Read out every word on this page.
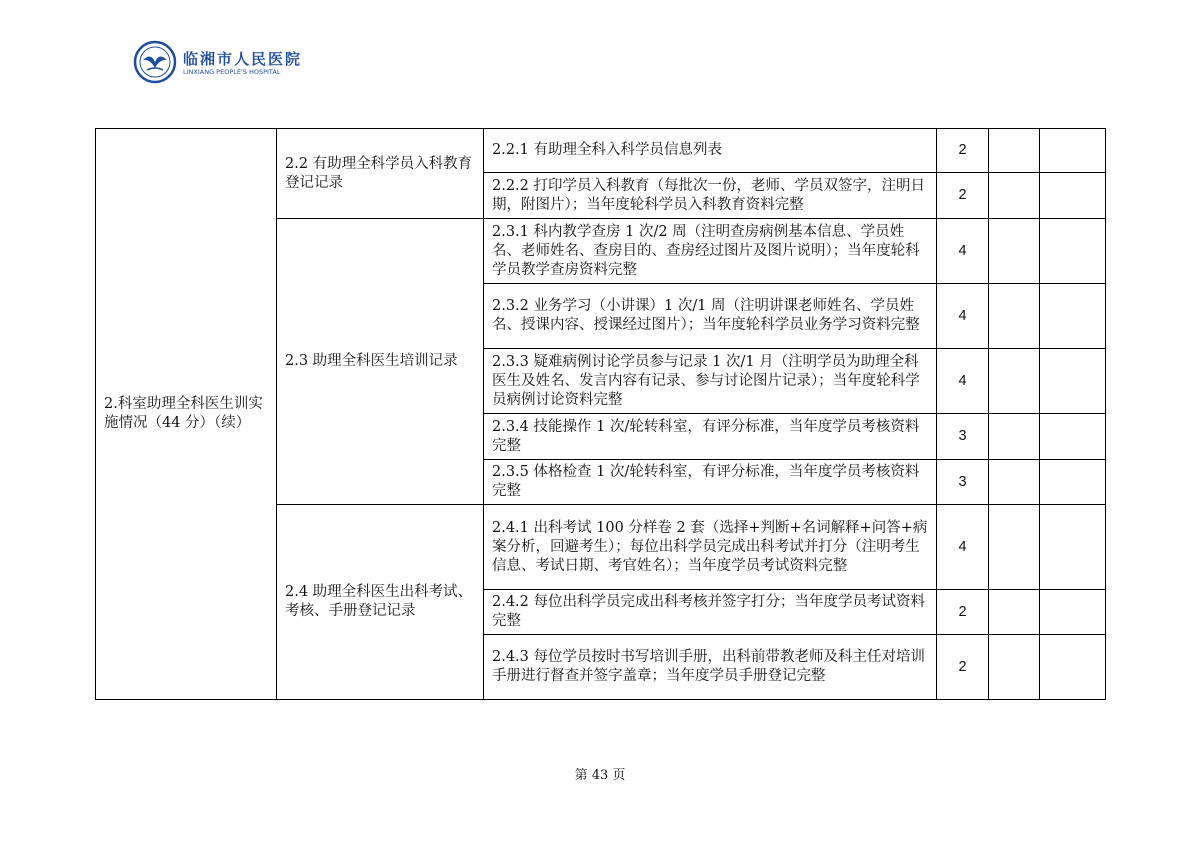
临湘市人民医院
LINXIANG PEOPLE'S HOSPITAL
2.科室助理全科医生训实施情况（44 分）（续）	2.2 有助理全科学员入科教育登记记录	2.2.1 有助理全科入科学员信息列表	2		
		2.2.2 打印学员入科教育（每批次一份，老师、学员双签字，注明日期，附图片）；当年度轮科学员入科教育资料完整	2		
	2.3 助理全科医生培训记录	2.3.1 科内教学查房 1 次/2 周（注明查房病例基本信息、学员姓名、老师姓名、查房目的、查房经过图片及图片说明）；当年度轮科学员教学查房资料完整	4		
		2.3.2 业务学习（小讲课）1 次/1 周（注明讲课老师姓名、学员姓名、授课内容、授课经过图片）；当年度轮科学员业务学习资料完整	4		
		2.3.3 疑难病例讨论学员参与记录 1 次/1 月（注明学员为助理全科医生及姓名、发言内容有记录、参与讨论图片记录）；当年度轮科学员病例讨论资料完整	4		
		2.3.4 技能操作 1 次/轮转科室，有评分标准，当年度学员考核资料完整	3		
		2.3.5 体格检查 1 次/轮转科室，有评分标准，当年度学员考核资料完整	3		
	2.4 助理全科医生出科考试、考核、手册登记记录	2.4.1 出科考试 100 分样卷 2 套（选择+判断+名词解释+问答+病案分析，回避考生）；每位出科学员完成出科考试并打分（注明考生信息、考试日期、考官姓名）；当年度学员考试资料完整	4		
		2.4.2 每位出科学员完成出科考核并签字打分；当年度学员考试资料完整	2		
		2.4.3 每位学员按时书写培训手册，出科前带教老师及科主任对培训手册进行督查并签字盖章；当年度学员手册登记完整	2		
第 43 页
